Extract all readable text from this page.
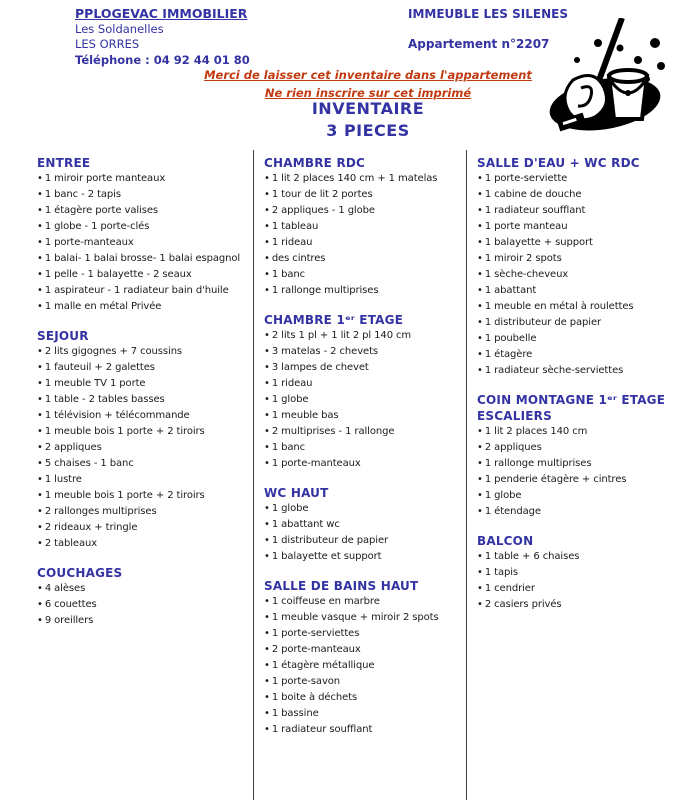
PPLOGEVAC IMMOBILIER
Les Soldanelles
LES ORRES
Téléphone : 04 92 44 01 80
IMMEUBLE LES SILENES
Appartement n°2207
Merci de laisser cet inventaire dans l'appartement
Ne rien inscrire sur cet imprimé
INVENTAIRE
3 PIECES
ENTREE
• 1 miroir porte manteaux
• 1 banc - 2 tapis
• 1 étagère porte valises
• 1 globe - 1 porte-clés
• 1 porte-manteaux
• 1 balai- 1 balai brosse- 1 balai espagnol
• 1 pelle - 1 balayette - 2 seaux
• 1 aspirateur - 1 radiateur bain d'huile
• 1 malle en métal Privée
SEJOUR
• 2 lits gigognes + 7 coussins
• 1 fauteuil + 2 galettes
• 1 meuble TV 1 porte
• 1 table - 2 tables basses
• 1 télévision + télécommande
• 1 meuble bois 1 porte + 2 tiroirs
• 2 appliques
• 5 chaises - 1 banc
• 1 lustre
• 1 meuble bois 1 porte + 2 tiroirs
• 2 rallonges multiprises
• 2 rideaux + tringle
• 2 tableaux
COUCHAGES
• 4 alèses
• 6 couettes
• 9 oreillers
CHAMBRE RDC
• 1 lit 2 places 140 cm + 1 matelas
• 1 tour de lit 2 portes
• 2 appliques - 1 globe
• 1 tableau
• 1 rideau
• des cintres
• 1 banc
• 1 rallonge multiprises
CHAMBRE 1ᵉʳ ETAGE
• 2 lits 1 pl + 1 lit 2 pl 140 cm
• 3 matelas - 2 chevets
• 3 lampes de chevet
• 1 rideau
• 1 globe
• 1 meuble bas
• 2 multiprises - 1 rallonge
• 1 banc
• 1 porte-manteaux
WC HAUT
• 1 globe
• 1 abattant wc
• 1 distributeur de papier
• 1 balayette et support
SALLE DE BAINS HAUT
• 1 coiffeuse en marbre
• 1 meuble vasque + miroir 2 spots
• 1 porte-serviettes
• 2 porte-manteaux
• 1 étagère métallique
• 1 porte-savon
• 1 boite à déchets
• 1 bassine
• 1 radiateur soufflant
SALLE D'EAU + WC RDC
• 1 porte-serviette
• 1 cabine de douche
• 1 radiateur soufflant
• 1 porte manteau
• 1 balayette + support
• 1 miroir 2 spots
• 1 sèche-cheveux
• 1 abattant
• 1 meuble en métal à roulettes
• 1 distributeur de papier
• 1 poubelle
• 1 étagère
• 1 radiateur sèche-serviettes
COIN MONTAGNE 1ᵉʳ ETAGE
ESCALIERS
• 1 lit 2 places 140 cm
• 2 appliques
• 1 rallonge multiprises
• 1 penderie étagère + cintres
• 1 globe
• 1 étendage
BALCON
• 1 table + 6 chaises
• 1 tapis
• 1 cendrier
• 2 casiers privés
